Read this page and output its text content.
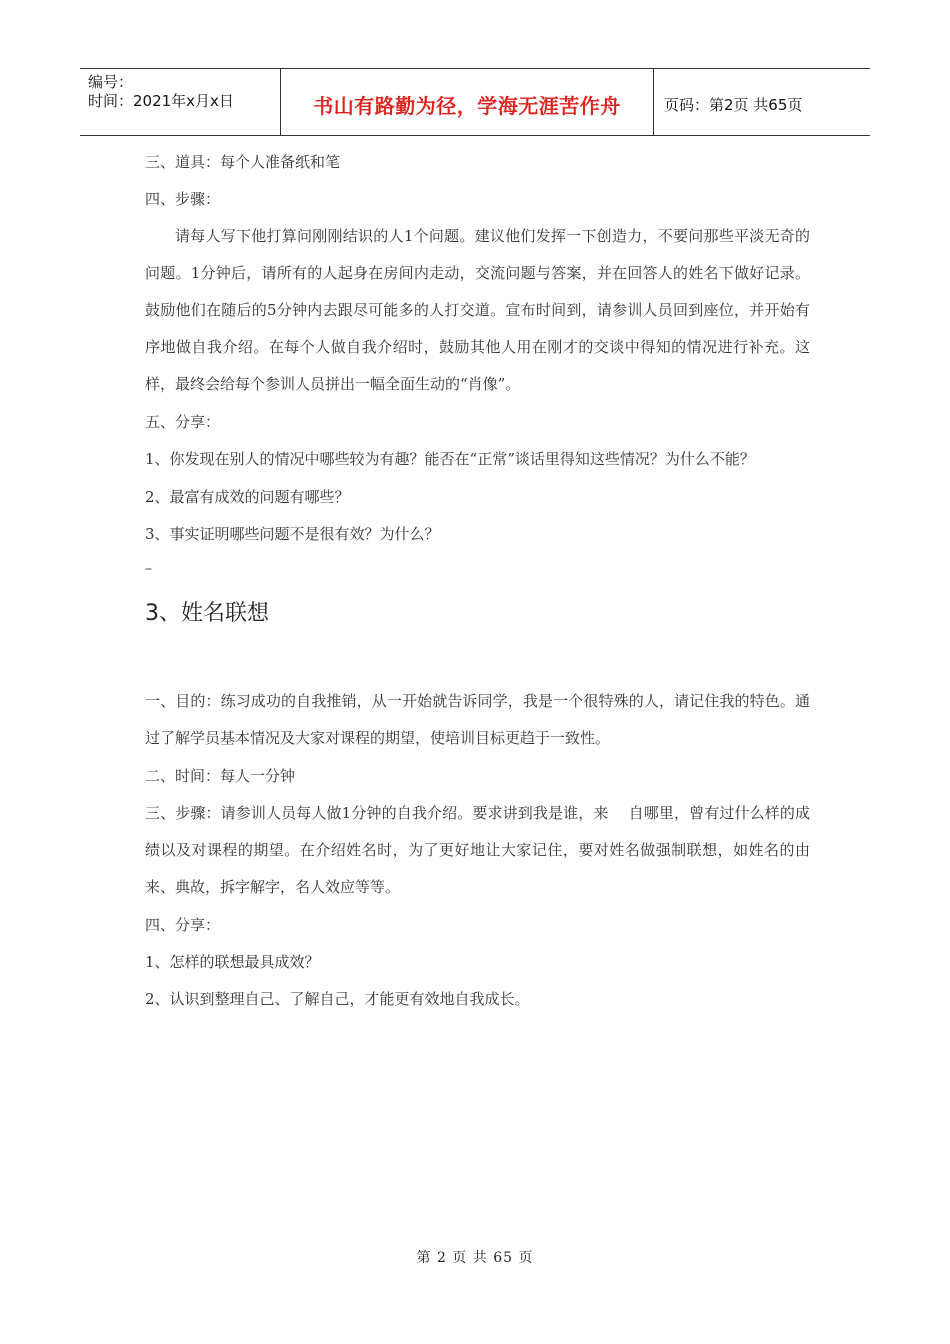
编号：
时间：2021年x月x日	书山有路勤为径，学海无涯苦作舟	页码：第2页 共65页

三、道具：每个人准备纸和笔

四、步骤：

请每人写下他打算问刚刚结识的人1个问题。建议他们发挥一下创造力，不要问那些平淡无奇的问题。1分钟后，请所有的人起身在房间内走动，交流问题与答案，并在回答人的姓名下做好记录。鼓励他们在随后的5分钟内去跟尽可能多的人打交道。宣布时间到，请参训人员回到座位，并开始有序地做自我介绍。在每个人做自我介绍时，鼓励其他人用在刚才的交谈中得知的情况进行补充。这样，最终会给每个参训人员拼出一幅全面生动的“肖像”。

五、分享：

1、你发现在别人的情况中哪些较为有趣？能否在“正常”谈话里得知这些情况？为什么不能？

2、最富有成效的问题有哪些？

3、事实证明哪些问题不是很有效？为什么？

–
3、姓名联想

一、目的：练习成功的自我推销，从一开始就告诉同学，我是一个很特殊的人，请记住我的特色。通过了解学员基本情况及大家对课程的期望，使培训目标更趋于一致性。

二、时间：每人一分钟

三、步骤：请参训人员每人做1分钟的自我介绍。要求讲到我是谁，来　 自哪里，曾有过什么样的成绩以及对课程的期望。在介绍姓名时，为了更好地让大家记住，要对姓名做强制联想，如姓名的由来、典故，拆字解字，名人效应等等。

四、分享：

1、怎样的联想最具成效？

2、认识到整理自己、了解自己，才能更有效地自我成长。

第 2 页 共 65 页
